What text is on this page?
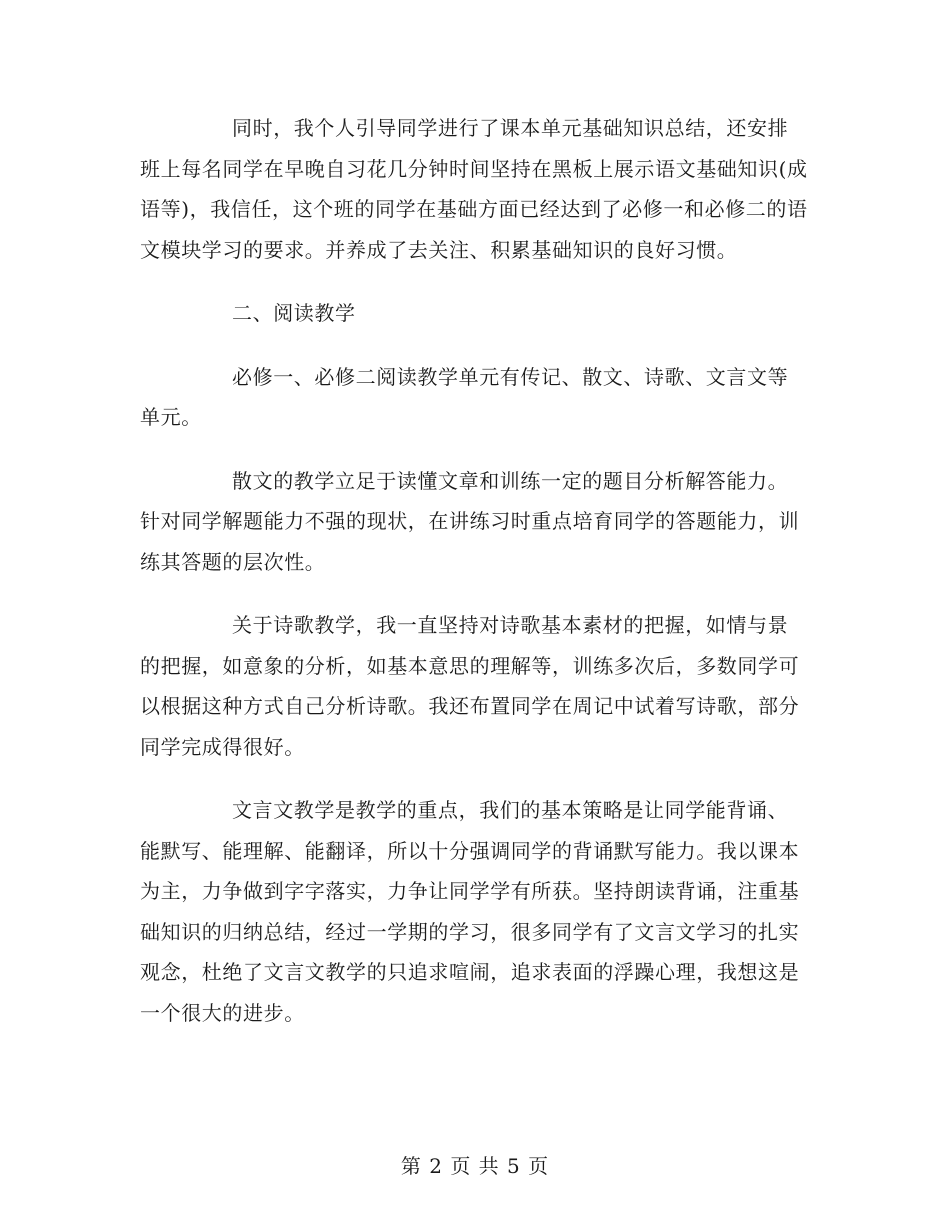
同时，我个人引导同学进行了课本单元基础知识总结，还安排班上每名同学在早晚自习花几分钟时间坚持在黑板上展示语文基础知识(成语等)，我信任，这个班的同学在基础方面已经达到了必修一和必修二的语文模块学习的要求。并养成了去关注、积累基础知识的良好习惯。

二、阅读教学

必修一、必修二阅读教学单元有传记、散文、诗歌、文言文等单元。

散文的教学立足于读懂文章和训练一定的题目分析解答能力。针对同学解题能力不强的现状，在讲练习时重点培育同学的答题能力，训练其答题的层次性。

关于诗歌教学，我一直坚持对诗歌基本素材的把握，如情与景的把握，如意象的分析，如基本意思的理解等，训练多次后，多数同学可以根据这种方式自己分析诗歌。我还布置同学在周记中试着写诗歌，部分同学完成得很好。

文言文教学是教学的重点，我们的基本策略是让同学能背诵、能默写、能理解、能翻译，所以十分强调同学的背诵默写能力。我以课本为主，力争做到字字落实，力争让同学学有所获。坚持朗读背诵，注重基础知识的归纳总结，经过一学期的学习，很多同学有了文言文学习的扎实观念，杜绝了文言文教学的只追求喧闹，追求表面的浮躁心理，我想这是一个很大的进步。

第 2 页 共 5 页
